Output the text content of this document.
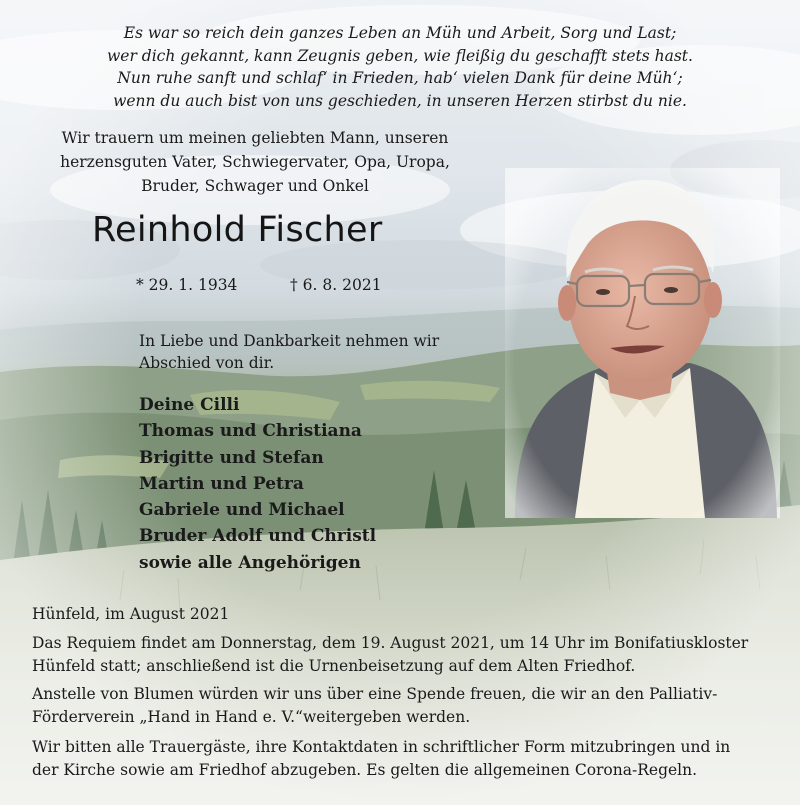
Es war so reich dein ganzes Leben an Müh und Arbeit, Sorg und Last;
wer dich gekannt, kann Zeugnis geben, wie fleißig du geschafft stets hast.
Nun ruhe sanft und schlaf‘ in Frieden, hab‘ vielen Dank für deine Müh‘;
wenn du auch bist von uns geschieden, in unseren Herzen stirbst du nie.
Wir trauern um meinen geliebten Mann, unseren
herzensguten Vater, Schwiegervater, Opa, Uropa,
Bruder, Schwager und Onkel
Reinhold Fischer
* 29. 1. 1934	† 6. 8. 2021
In Liebe und Dankbarkeit nehmen wir
Abschied von dir.
Deine Cilli
Thomas und Christiana
Brigitte und Stefan
Martin und Petra
Gabriele und Michael
Bruder Adolf und Christl
sowie alle Angehörigen
Hünfeld, im August 2021
Das Requiem findet am Donnerstag, dem 19. August 2021, um 14 Uhr im Bonifatiuskloster
Hünfeld statt; anschließend ist die Urnenbeisetzung auf dem Alten Friedhof.
Anstelle von Blumen würden wir uns über eine Spende freuen, die wir an den Palliativ-
Förderverein „Hand in Hand e. V.“weitergeben werden.
Wir bitten alle Trauergäste, ihre Kontaktdaten in schriftlicher Form mitzubringen und in
der Kirche sowie am Friedhof abzugeben. Es gelten die allgemeinen Corona-Regeln.
